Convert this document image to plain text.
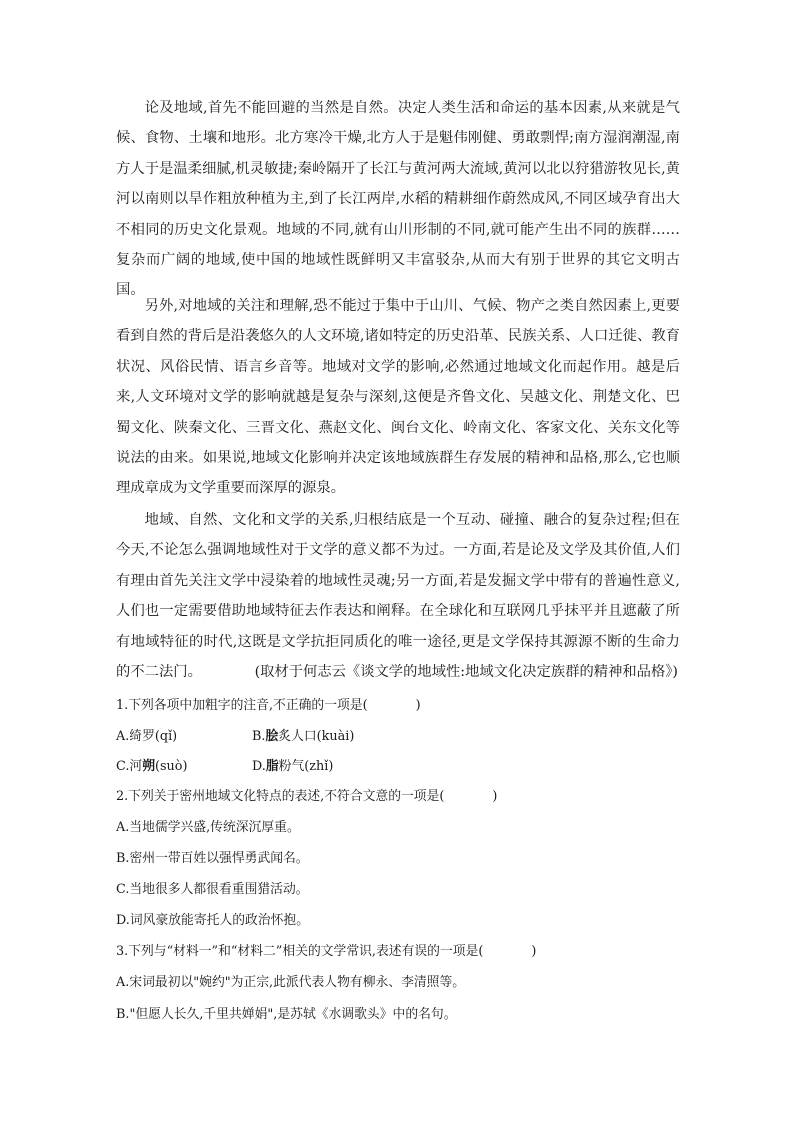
论及地域,首先不能回避的当然是自然。决定人类生活和命运的基本因素,从来就是气候、食物、土壤和地形。北方寒冷干燥,北方人于是魁伟刚健、勇敢剽悍;南方湿润潮湿,南方人于是温柔细腻,机灵敏捷;秦岭隔开了长江与黄河两大流域,黄河以北以狩猎游牧见长,黄河以南则以旱作粗放种植为主,到了长江两岸,水稻的精耕细作蔚然成风,不同区域孕育出大不相同的历史文化景观。地域的不同,就有山川形制的不同,就可能产生出不同的族群……复杂而广阔的地域,使中国的地域性既鲜明又丰富驳杂,从而大有别于世界的其它文明古国。

另外,对地域的关注和理解,恐不能过于集中于山川、气候、物产之类自然因素上,更要看到自然的背后是沿袭悠久的人文环境,诸如特定的历史沿革、民族关系、人口迁徙、教育状况、风俗民情、语言乡音等。地域对文学的影响,必然通过地域文化而起作用。越是后来,人文环境对文学的影响就越是复杂与深刻,这便是齐鲁文化、吴越文化、荆楚文化、巴蜀文化、陕秦文化、三晋文化、燕赵文化、闽台文化、岭南文化、客家文化、关东文化等说法的由来。如果说,地域文化影响并决定该地域族群生存发展的精神和品格,那么,它也顺理成章成为文学重要而深厚的源泉。

地域、自然、文化和文学的关系,归根结底是一个互动、碰撞、融合的复杂过程;但在今天,不论怎么强调地域性对于文学的意义都不为过。一方面,若是论及文学及其价值,人们有理由首先关注文学中浸染着的地域性灵魂;另一方面,若是发掘文学中带有的普遍性意义,人们也一定需要借助地域特征去作表达和阐释。在全球化和互联网几乎抹平并且遮蔽了所有地域特征的时代,这既是文学抗拒同质化的唯一途径,更是文学保持其源源不断的生命力的不二法门。	(取材于何志云《谈文学的地域性:地域文化决定族群的精神和品格》)

1.下列各项中加粗字的注音,不正确的一项是(	)

A.绮罗(qǐ)	B.脍炙人口(kuài)

C.河朔(suò)	D.脂粉气(zhǐ)

2.下列关于密州地域文化特点的表述,不符合文意的一项是(	)

A.当地儒学兴盛,传统深沉厚重。

B.密州一带百姓以强悍勇武闻名。

C.当地很多人都很看重围猎活动。

D.词风豪放能寄托人的政治怀抱。

3.下列与“材料一”和“材料二”相关的文学常识,表述有误的一项是(	)

A.宋词最初以"婉约"为正宗,此派代表人物有柳永、李清照等。

B."但愿人长久,千里共婵娟",是苏轼《水调歌头》中的名句。
